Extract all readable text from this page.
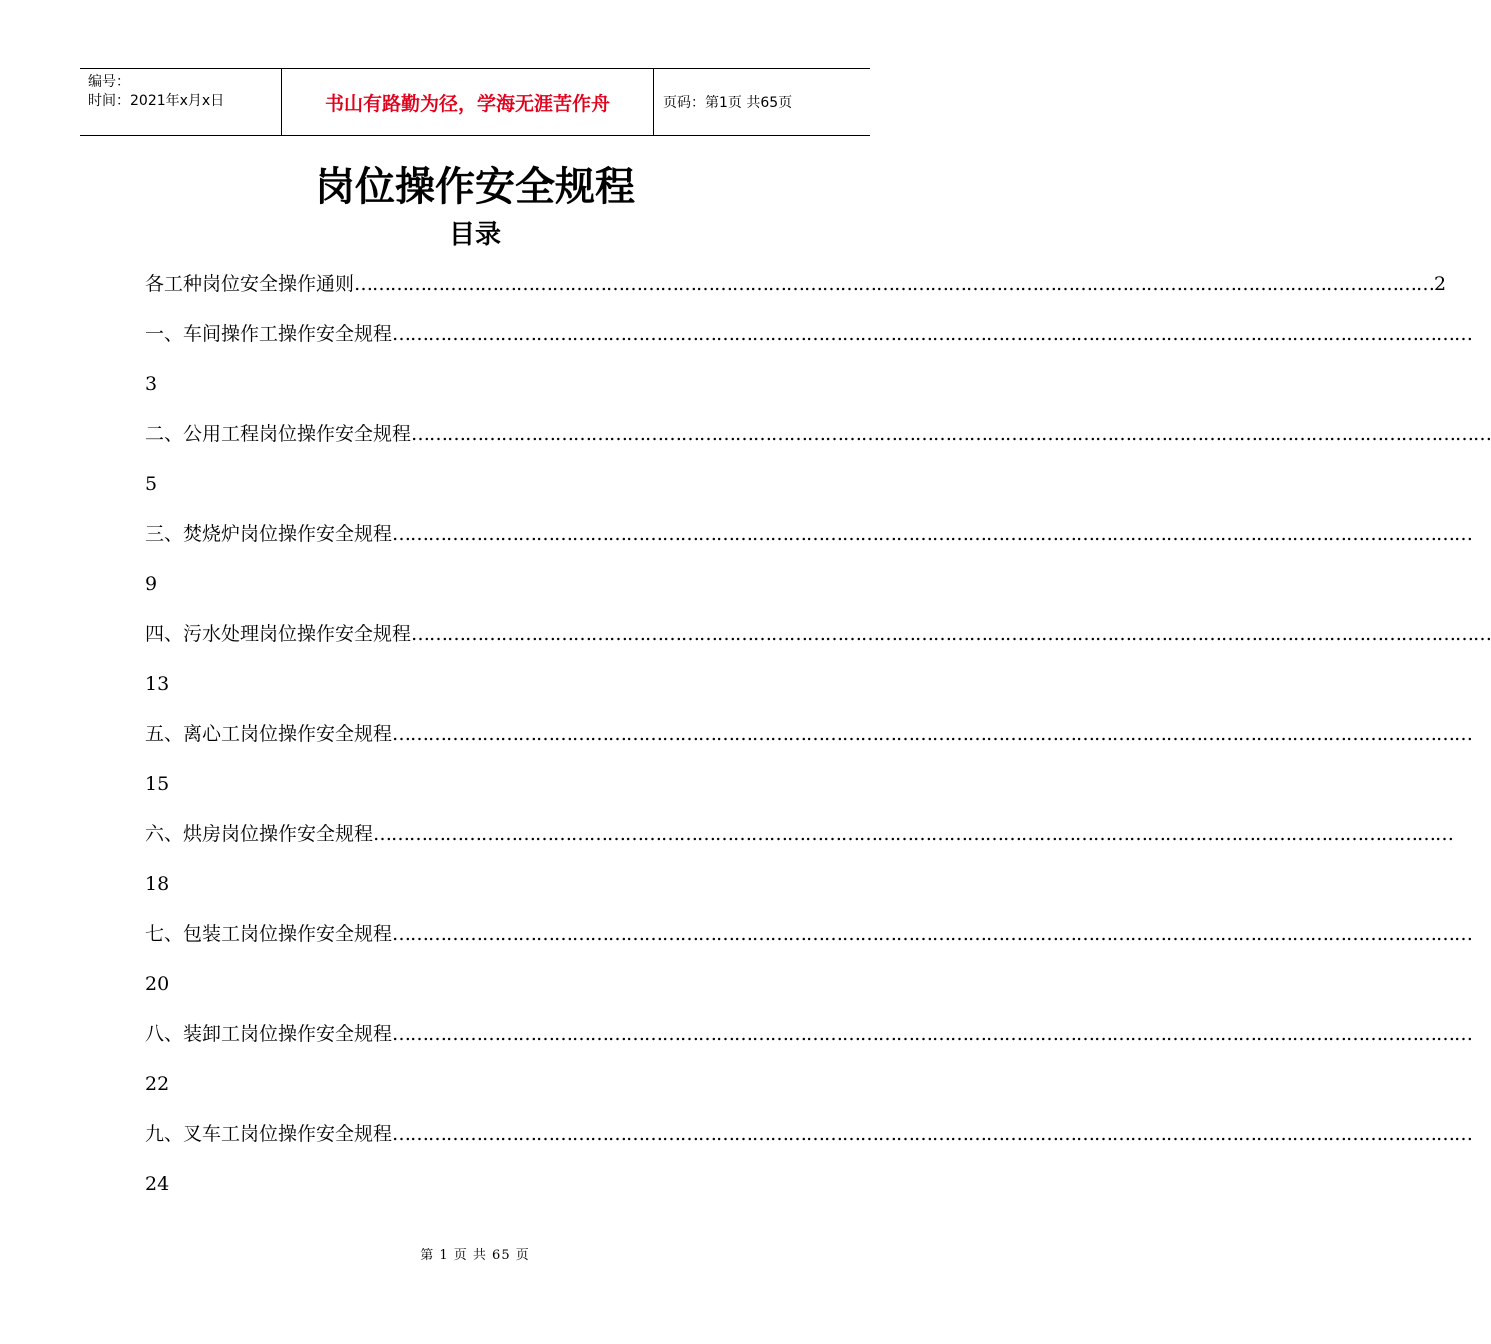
编号：
时间：2021年x月x日	书山有路勤为径，学海无涯苦作舟	页码：第1页 共65页
岗位操作安全规程
目录
各工种岗位安全操作通则 ……………………………………………………………………………………………………………………………………………………………… 2
一、车间操作工操作安全规程 ………………………………………………………………………………………………………………………………………………………………
3
二、公用工程岗位操作安全规程 ………………………………………………………………………………………………………………………………………………………………
5
三、焚烧炉岗位操作安全规程 ………………………………………………………………………………………………………………………………………………………………
9
四、污水处理岗位操作安全规程 ………………………………………………………………………………………………………………………………………………………………
13
五、离心工岗位操作安全规程 ………………………………………………………………………………………………………………………………………………………………
15
六、烘房岗位操作安全规程 ………………………………………………………………………………………………………………………………………………………………
18
七、包装工岗位操作安全规程 ………………………………………………………………………………………………………………………………………………………………
20
八、装卸工岗位操作安全规程 ………………………………………………………………………………………………………………………………………………………………
22
九、叉车工岗位操作安全规程 ………………………………………………………………………………………………………………………………………………………………
24
第 1 页 共 65 页
